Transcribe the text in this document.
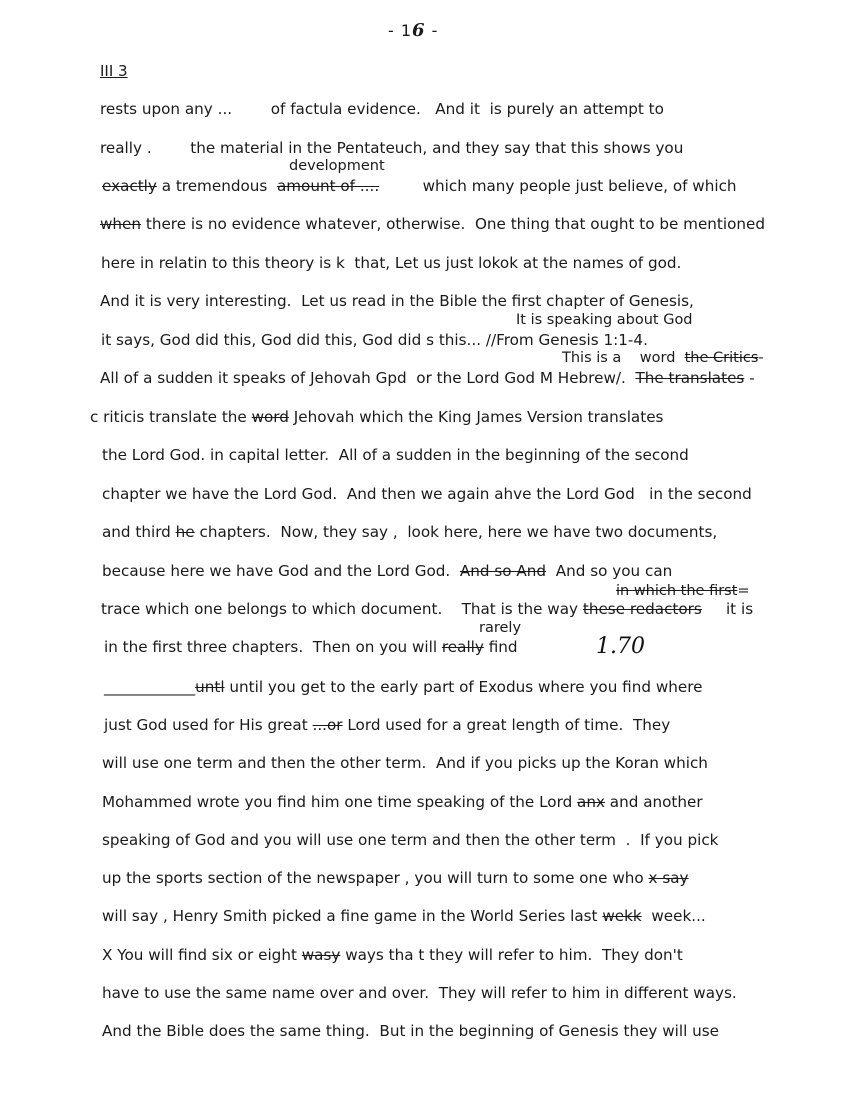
- 16 -
III 3
rests upon any ...        of factula evidence.   And it  is purely an attempt to
really .        the material in the Pentateuch, and they say that this shows you
exactly a tremendous  amount of ....         which many people just believe, of which
when there is no evidence whatever, otherwise.  One thing that ought to be mentioned
here in relatin to this theory is k  that, Let us just lokok at the names of god.
And it is very interesting.  Let us read in the Bible the first chapter of Genesis,
it says, God did this, God did this, God did s this... //From Genesis 1:1-4.
All of a sudden it speaks of Jehovah Gpd  or the Lord God M Hebrew/.  The translates -
c riticis translate the word Jehovah which the King James Version translates
the Lord God. in capital letter.  All of a sudden in the beginning of the second
chapter we have the Lord God.  And then we again ahve the Lord God   in the second
and third he chapters.  Now, they say ,  look here, here we have two documents,
because here we have God and the Lord God.  And so And  And so you can
trace which one belongs to which document.    That is the way these redactors     it is
in the first three chapters.  Then on you will really find
____________untl until you get to the early part of Exodus where you find where
just God used for His great ...or Lord used for a great length of time.  They
will use one term and then the other term.  And if you picks up the Koran which
Mohammed wrote you find him one time speaking of the Lord anx and another
speaking of God and you will use one term and then the other term  .  If you pick
up the sports section of the newspaper , you will turn to some one who x say
will say , Henry Smith picked a fine game in the World Series last wekk  week...
X You will find six or eight wasy ways tha t they will refer to him.  They don't
have to use the same name over and over.  They will refer to him in different ways.
And the Bible does the same thing.  But in the beginning of Genesis they will use
development
It is speaking about God
This is a    word  the Critics-
in which the first=
rarely
1.70
